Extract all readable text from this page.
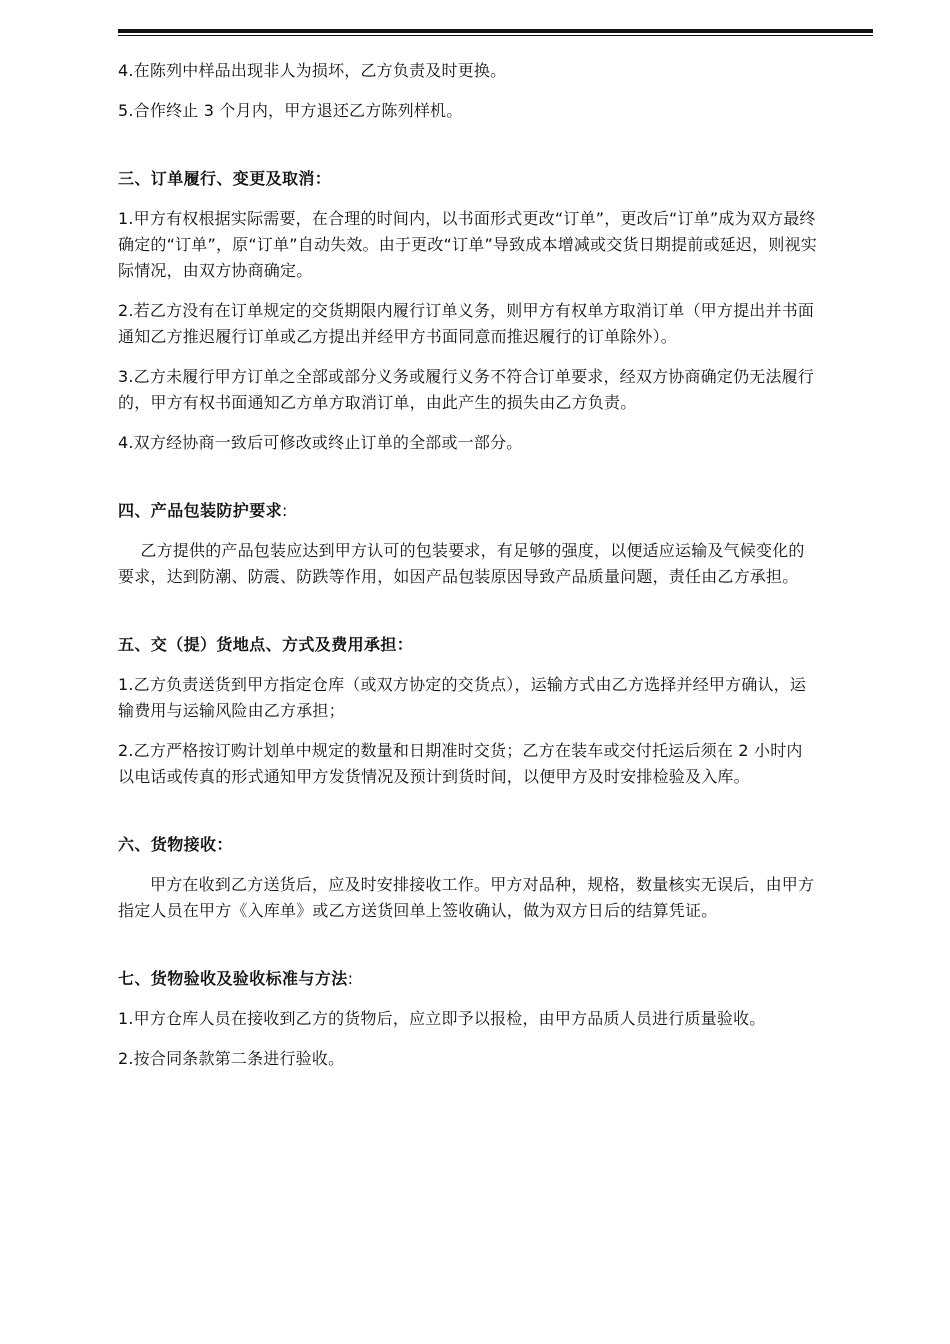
4.在陈列中样品出现非人为损坏，乙方负责及时更换。

5.合作终止 3 个月内，甲方退还乙方陈列样机。

三、订单履行、变更及取消：

1.甲方有权根据实际需要，在合理的时间内，以书面形式更改“订单”，更改后“订单”成为双方最终确定的“订单”，原“订单”自动失效。由于更改“订单”导致成本增减或交货日期提前或延迟，则视实际情况，由双方协商确定。

2.若乙方没有在订单规定的交货期限内履行订单义务，则甲方有权单方取消订单（甲方提出并书面通知乙方推迟履行订单或乙方提出并经甲方书面同意而推迟履行的订单除外）。

3.乙方未履行甲方订单之全部或部分义务或履行义务不符合订单要求，经双方协商确定仍无法履行的，甲方有权书面通知乙方单方取消订单，由此产生的损失由乙方负责。

4.双方经协商一致后可修改或终止订单的全部或一部分。

四、产品包装防护要求:

乙方提供的产品包装应达到甲方认可的包装要求，有足够的强度，以便适应运输及气候变化的要求，达到防潮、防震、防跌等作用，如因产品包装原因导致产品质量问题，责任由乙方承担。

五、交（提）货地点、方式及费用承担：

1.乙方负责送货到甲方指定仓库（或双方协定的交货点），运输方式由乙方选择并经甲方确认，运输费用与运输风险由乙方承担；

2.乙方严格按订购计划单中规定的数量和日期准时交货；乙方在装车或交付托运后须在 2 小时内以电话或传真的形式通知甲方发货情况及预计到货时间，以便甲方及时安排检验及入库。

六、货物接收：

甲方在收到乙方送货后，应及时安排接收工作。甲方对品种，规格，数量核实无误后，由甲方指定人员在甲方《入库单》或乙方送货回单上签收确认，做为双方日后的结算凭证。

七、货物验收及验收标准与方法:

1.甲方仓库人员在接收到乙方的货物后，应立即予以报检，由甲方品质人员进行质量验收。

2.按合同条款第二条进行验收。
